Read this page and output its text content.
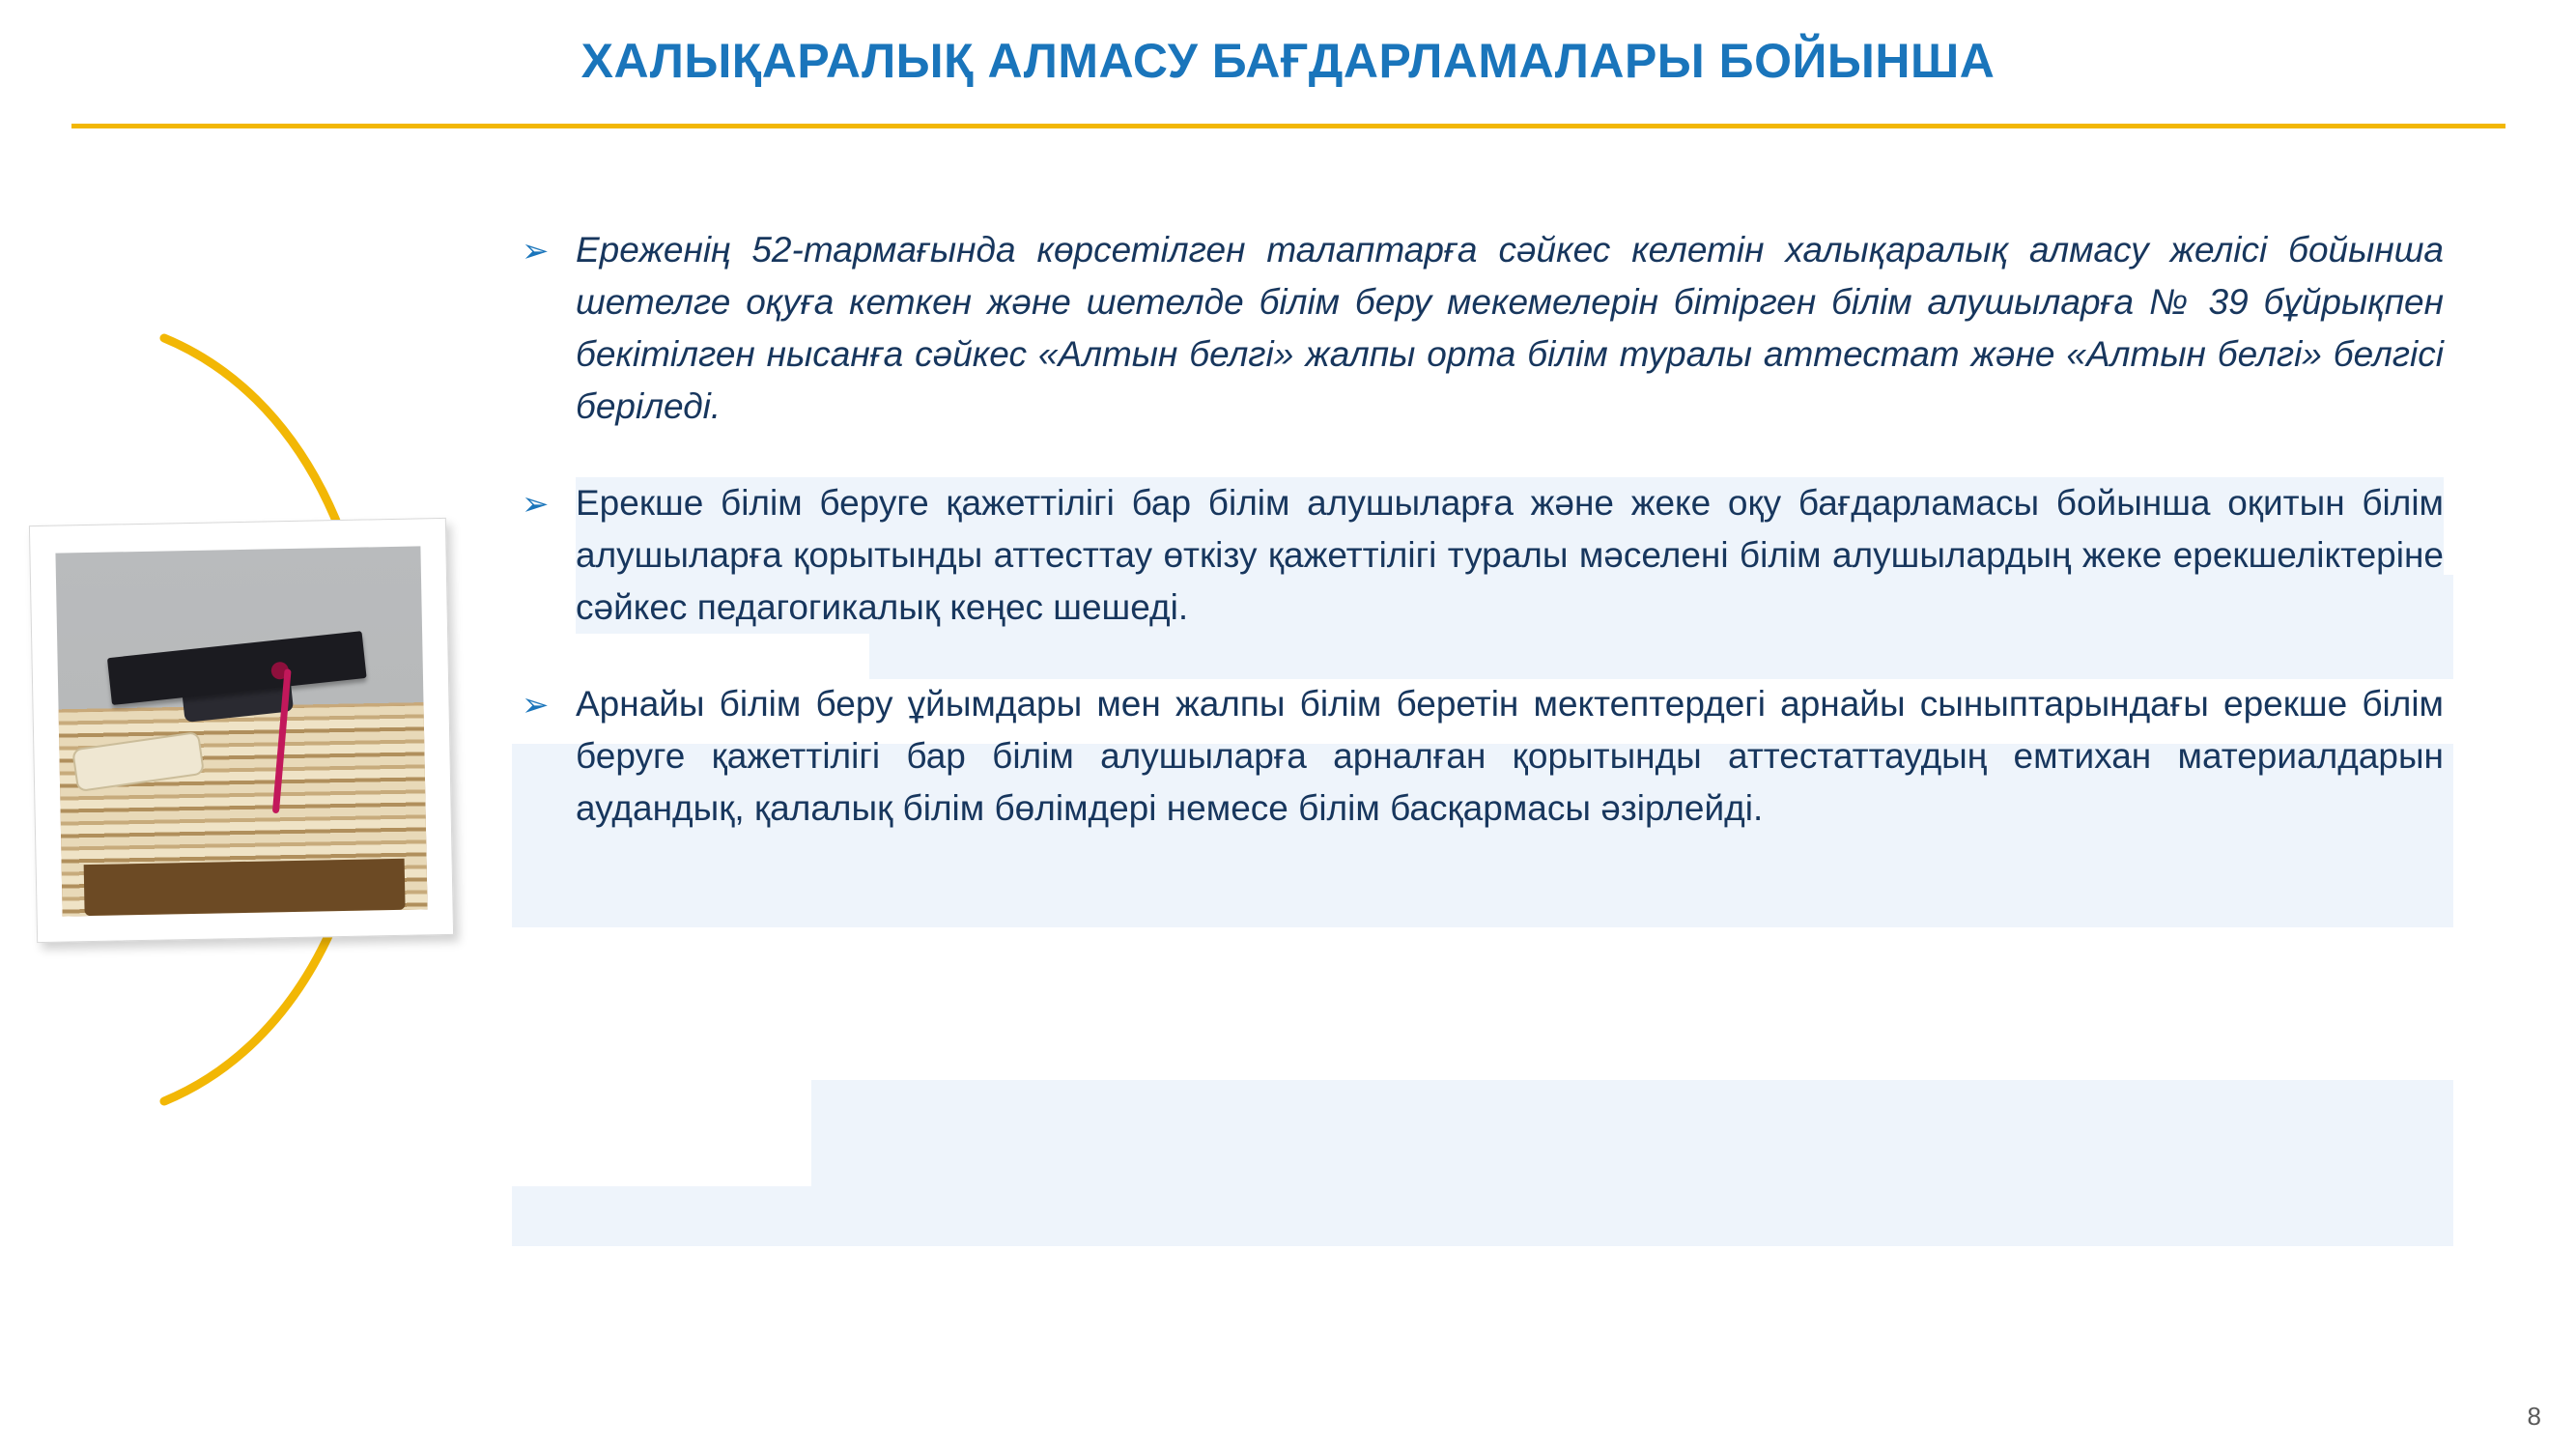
ХАЛЫҚАРАЛЫҚ АЛМАСУ БАҒДАРЛАМАЛАРЫ БОЙЫНША
➢ Ереженің 52-тармағында көрсетілген талаптарға сәйкес келетін халықаралық алмасу желісі бойынша шетелге оқуға кеткен және шетелде білім беру мекемелерін бітірген білім алушыларға № 39 бұйрықпен бекітілген нысанға сәйкес «Алтын белгі» жалпы орта білім туралы аттестат және «Алтын белгі» белгісі беріледі.
➢ Ерекше білім беруге қажеттілігі бар білім алушыларға және жеке оқу бағдарламасы бойынша оқитын білім алушыларға қорытынды аттесттау өткізу қажеттілігі туралы мәселені білім алушылардың жеке ерекшеліктеріне сәйкес педагогикалық кеңес шешеді.
➢ Арнайы білім беру ұйымдары мен жалпы білім беретін мектептердегі арнайы сыныптарындағы ерекше білім беруге қажеттілігі бар білім алушыларға арналған қорытынды аттестаттаудың емтихан материалдарын аудандық, қалалық білім бөлімдері немесе білім басқармасы әзірлейді.
8
